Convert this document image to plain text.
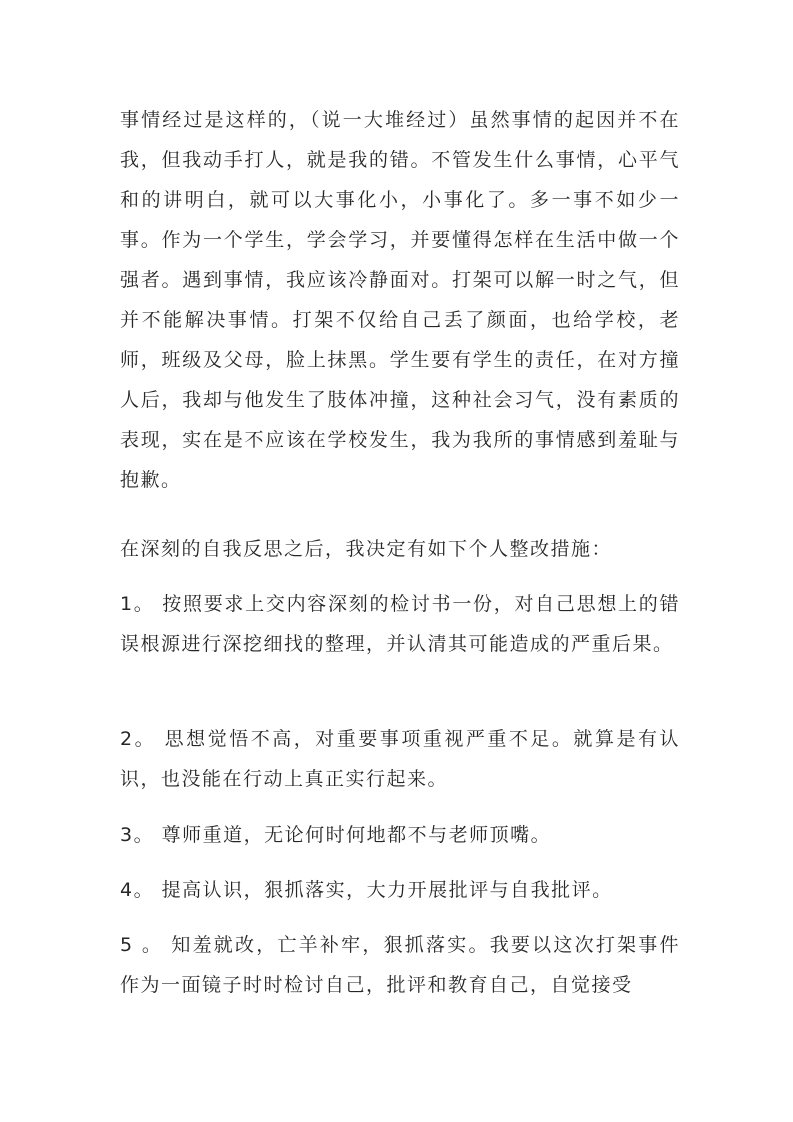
事情经过是这样的，（说一大堆经过）虽然事情的起因并不在我，但我动手打人，就是我的错。不管发生什么事情，心平气和的讲明白，就可以大事化小，小事化了。多一事不如少一事。作为一个学生，学会学习，并要懂得怎样在生活中做一个强者。遇到事情，我应该冷静面对。打架可以解一时之气，但并不能解决事情。打架不仅给自己丢了颜面，也给学校，老师，班级及父母，脸上抹黑。学生要有学生的责任，在对方撞人后，我却与他发生了肢体冲撞，这种社会习气，没有素质的表现，实在是不应该在学校发生，我为我所的事情感到羞耻与抱歉。

在深刻的自我反思之后，我决定有如下个人整改措施：

1。 按照要求上交内容深刻的检讨书一份，对自己思想上的错误根源进行深挖细找的整理，并认清其可能造成的严重后果。

2。 思想觉悟不高，对重要事项重视严重不足。就算是有认识，也没能在行动上真正实行起来。

3。 尊师重道，无论何时何地都不与老师顶嘴。

4。 提高认识，狠抓落实，大力开展批评与自我批评。

5 。 知羞就改，亡羊补牢，狠抓落实。我要以这次打架事件作为一面镜子时时检讨自己，批评和教育自己，自觉接受
